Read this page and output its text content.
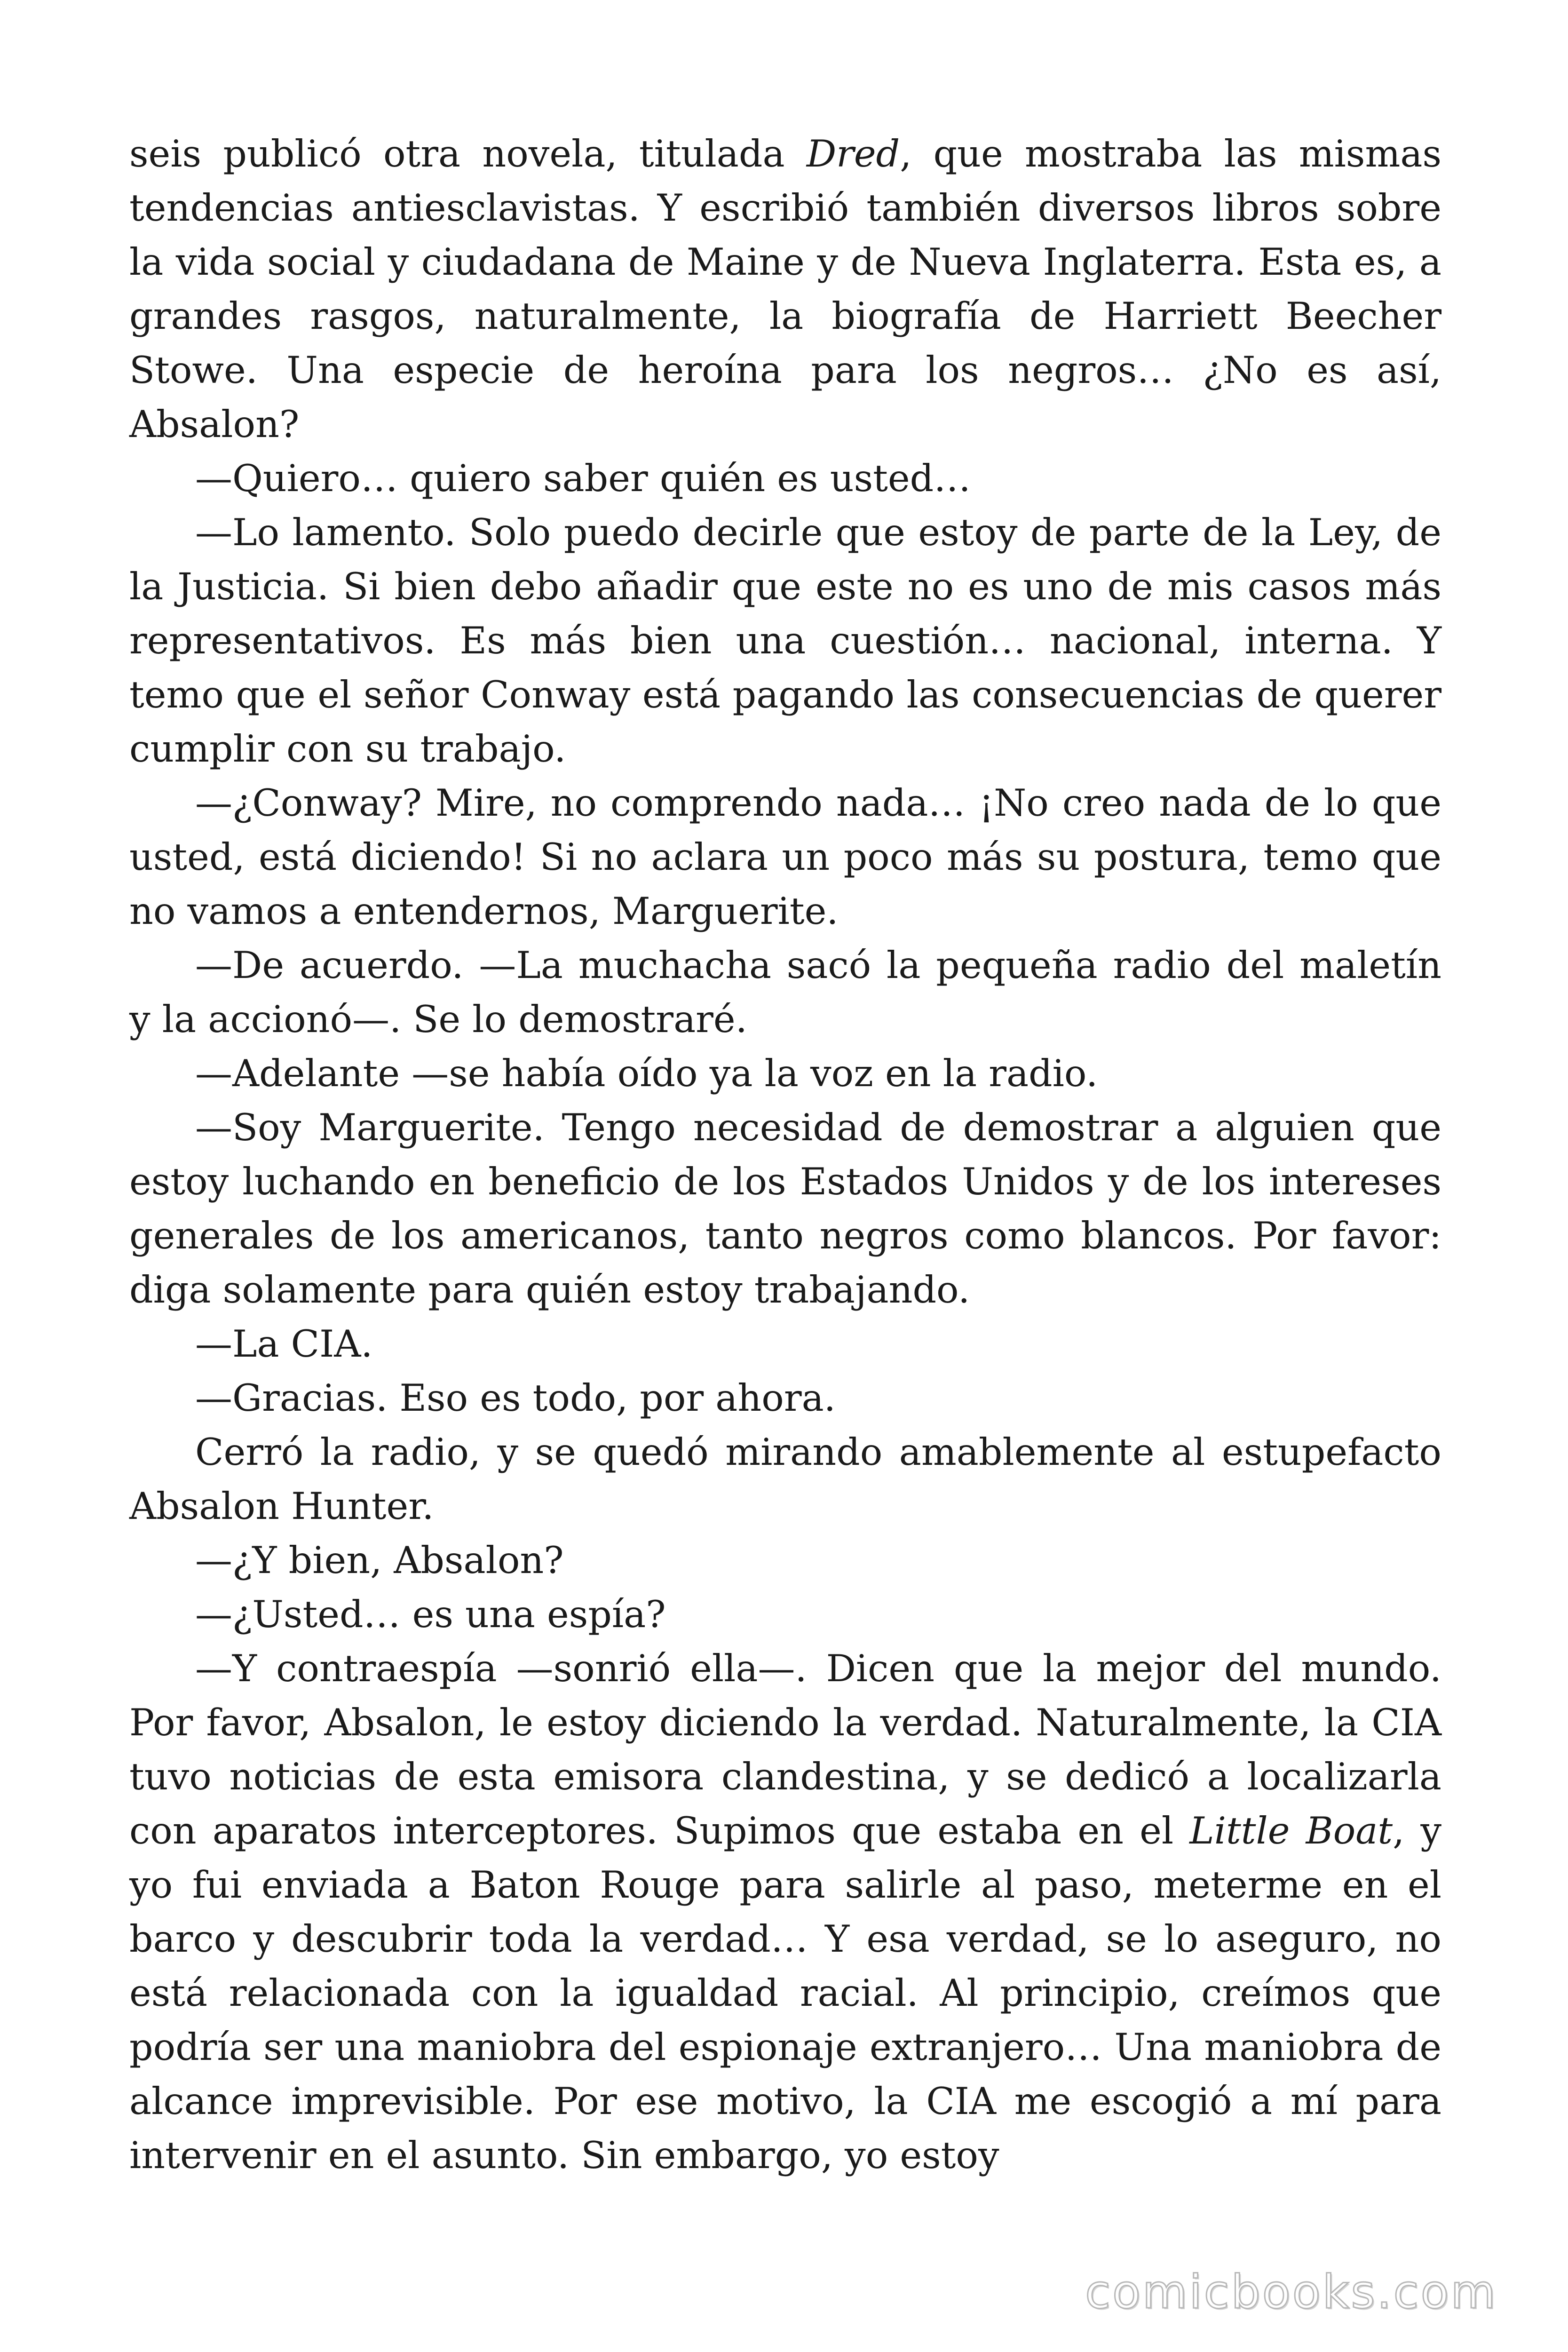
seis publicó otra novela, titulada Dred, que mostraba las mismas tendencias antiesclavistas. Y escribió también diversos libros sobre la vida social y ciudadana de Maine y de Nueva Inglaterra. Esta es, a grandes rasgos, naturalmente, la biografía de Harriett Beecher Stowe. Una especie de heroína para los negros… ¿No es así, Absalon?

—Quiero… quiero saber quién es usted…

—Lo lamento. Solo puedo decirle que estoy de parte de la Ley, de la Justicia. Si bien debo añadir que este no es uno de mis casos más representativos. Es más bien una cuestión… nacional, interna. Y temo que el señor Conway está pagando las consecuencias de querer cumplir con su trabajo.

—¿Conway? Mire, no comprendo nada… ¡No creo nada de lo que usted, está diciendo! Si no aclara un poco más su postura, temo que no vamos a entendernos, Marguerite.

—De acuerdo. —La muchacha sacó la pequeña radio del maletín y la accionó—. Se lo demostraré.

—Adelante —se había oído ya la voz en la radio.

—Soy Marguerite. Tengo necesidad de demostrar a alguien que estoy luchando en beneficio de los Estados Unidos y de los intereses generales de los americanos, tanto negros como blancos. Por favor: diga solamente para quién estoy trabajando.

—La CIA.

—Gracias. Eso es todo, por ahora.

Cerró la radio, y se quedó mirando amablemente al estupefacto Absalon Hunter.

—¿Y bien, Absalon?

—¿Usted… es una espía?

—Y contraespía —sonrió ella—. Dicen que la mejor del mundo. Por favor, Absalon, le estoy diciendo la verdad. Naturalmente, la CIA tuvo noticias de esta emisora clandestina, y se dedicó a localizarla con aparatos interceptores. Supimos que estaba en el Little Boat, y yo fui enviada a Baton Rouge para salirle al paso, meterme en el barco y descubrir toda la verdad… Y esa verdad, se lo aseguro, no está relacionada con la igualdad racial. Al principio, creímos que podría ser una maniobra del espionaje extranjero… Una maniobra de alcance imprevisible. Por ese motivo, la CIA me escogió a mí para intervenir en el asunto. Sin embargo, yo estoy

comicbooks.com
